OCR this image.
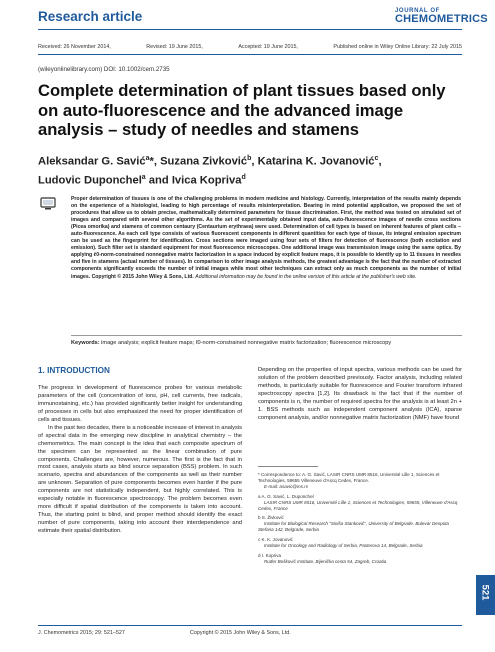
Research article	JOURNAL OF
CHEMOMETRICS
Received: 26 November 2014,	Revised: 19 June 2015,	Accepted: 19 June 2015,	Published online in Wiley Online Library: 22 July 2015
(wileyonlinelibrary.com) DOI: 10.1002/cem.2735
Complete determination of plant tissues based only on auto-fluorescence and the advanced image analysis – study of needles and stamens
Aleksandar G. Savić$^a$*, Suzana Zivković$^b$, Katarina K. Jovanović$^c$,
Ludovic Duponchel$^a$ and Ivica Kopriva$^d$
Proper determination of tissues is one of the challenging problems in modern medicine and histology. Currently, interpretation of the results mainly depends on the experience of a histologist, leading to high percentage of results misinterpretation. Bearing in mind potential application, we proposed the set of procedures that allow us to obtain precise, mathematically determined parameters for tissue discrimination. First, the method was tested on simulated set of images and compared with several other algorithms. As the set of experimentally obtained input data, auto-fluorescence images of needle cross sections (Picea omorika) and stamens of common centaury (Centaurium erythraea) were used. Determination of cell types is based on inherent features of plant cells – auto-fluorescence. As each cell type consists of various fluorescent components in different quantities for each type of tissue, its integral emission spectrum can be used as the fingerprint for identification. Cross sections were imaged using four sets of filters for detection of fluorescence (both excitation and emission). Such filter set is standard equipment for most fluorescence microscopes. One additional image was transmission image using the same optics. By applying ℓ0-norm-constrained nonnegative matrix factorization in a space induced by explicit feature maps, it is possible to identify up to 11 tissues in needles and five in stamens (actual number of tissues). In comparison to other image analysis methods, the greatest advantage is the fact that the number of extracted components significantly exceeds the number of initial images while most other techniques can extract only as much components as the number of initial images. Copyright © 2015 John Wiley & Sons, Ltd. Additional information may be found in the online version of this article at the publisher's web site.
Keywords: image analysis; explicit feature maps; ℓ0-norm-constrained nonnegative matrix factorization; fluorescence microscopy
1. INTRODUCTION

The progress in development of fluorescence probes for various metabolic parameters of the cell (concentration of ions, pH, cell currents, free radicals, immunostaining, etc.) has provided significantly better insight for understanding of processes in cells but also emphasized the need for proper identification of cells and tissues.

In the past two decades, there is a noticeable increase of interest in analysis of spectral data in the emerging new discipline in analytical chemistry – the chemometrics. The main concept is the idea that each composite spectrum of the specimen can be represented as the linear combination of pure components. Challenges are, however, numerous. The first is the fact that in most cases, analysis starts as blind source separation (BSS) problem. In such scenario, spectra and abundances of the components as well as their number are unknown. Separation of pure components becomes even harder if the pure components are not statistically independent, but highly correlated. This is especially notable in fluorescence spectroscopy. The problem becomes even more difficult if spatial distribution of the components is taken into account. Thus, the starting point is blind, and proper method should identify the exact number of pure components, taking into account their interdependence and estimate their spatial distribution.

Depending on the properties of input spectra, various methods can be used for solution of the problem described previously. Factor analysis, including related methods, is particularly suitable for fluorescence and Fourier transform infrared spectroscopy spectra [1,2]. Its drawback is the fact that if the number of components is n, the number of required spectra for the analysis is at least 2n + 1. BSS methods such as independent component analysis (ICA), sparse component analysis, and/or nonnegative matrix factorization (NMF) have found

* Correspondence to: A. G. Savić, LASIR CNRS UMR 8516, Université Lille 1, Sciences et Technologies, 59655 Villeneuve d'Ascq Cedex, France.
E-mail: asavic@ms.rs
a A. G. Savić, L. Duponchel
LASIR CNRS UMR 8516, Université Lille 1, Sciences et Technologies, 59655, Villeneuve d'Ascq Cedex, France
b S. Živković
Institute for Biological Research "Siniša Stanković", University of Belgrade, Bulevar Despota Stefana 142, Belgrade, Serbia
c K. K. Jovanović
Institute for Oncology and Radiology of Serbia, Pasterova 14, Belgrade, Serbia
d I. Kopriva
Ruđer Bošković Institute, Bijenička cesta 54, Zagreb, Croatia
J. Chemometrics 2015; 29: 521–527	Copyright © 2015 John Wiley & Sons, Ltd.
521
